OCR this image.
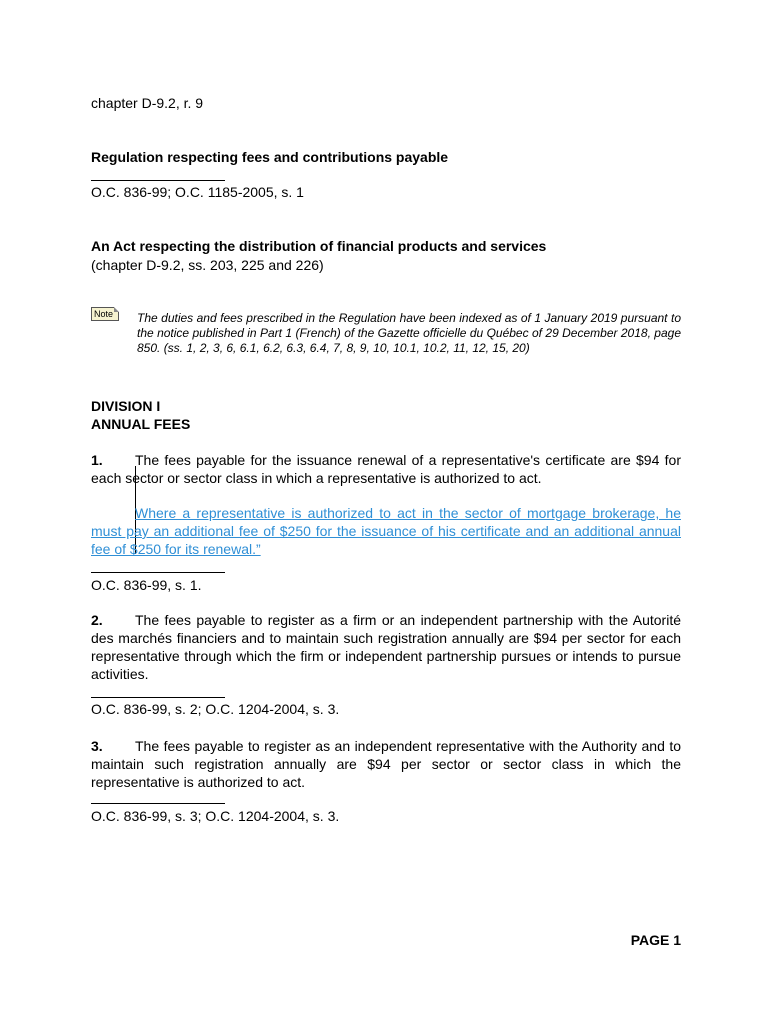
chapter D-9.2, r. 9

Regulation respecting fees and contributions payable

O.C. 836-99; O.C. 1185-2005, s. 1

An Act respecting the distribution of financial products and services

(chapter D-9.2, ss. 203, 225 and 226)

Note The duties and fees prescribed in the Regulation have been indexed as of 1 January 2019 pursuant to the notice published in Part 1 (French) of the Gazette officielle du Québec of 29 December 2018, page 850. (ss. 1, 2, 3, 6, 6.1, 6.2, 6.3, 6.4, 7, 8, 9, 10, 10.1, 10.2, 11, 12, 15, 20)

DIVISION I

ANNUAL FEES

1. The fees payable for the issuance renewal of a representative's certificate are $94 for each sector or sector class in which a representative is authorized to act.

Where a representative is authorized to act in the sector of mortgage brokerage, he must pay an additional fee of $250 for the issuance of his certificate and an additional annual fee of $250 for its renewal.”

O.C. 836-99, s. 1.

2. The fees payable to register as a firm or an independent partnership with the Autorité des marchés financiers and to maintain such registration annually are $94 per sector for each representative through which the firm or independent partnership pursues or intends to pursue activities.

O.C. 836-99, s. 2; O.C. 1204-2004, s. 3.

3. The fees payable to register as an independent representative with the Authority and to maintain such registration annually are $94 per sector or sector class in which the representative is authorized to act.

O.C. 836-99, s. 3; O.C. 1204-2004, s. 3.

PAGE 1
